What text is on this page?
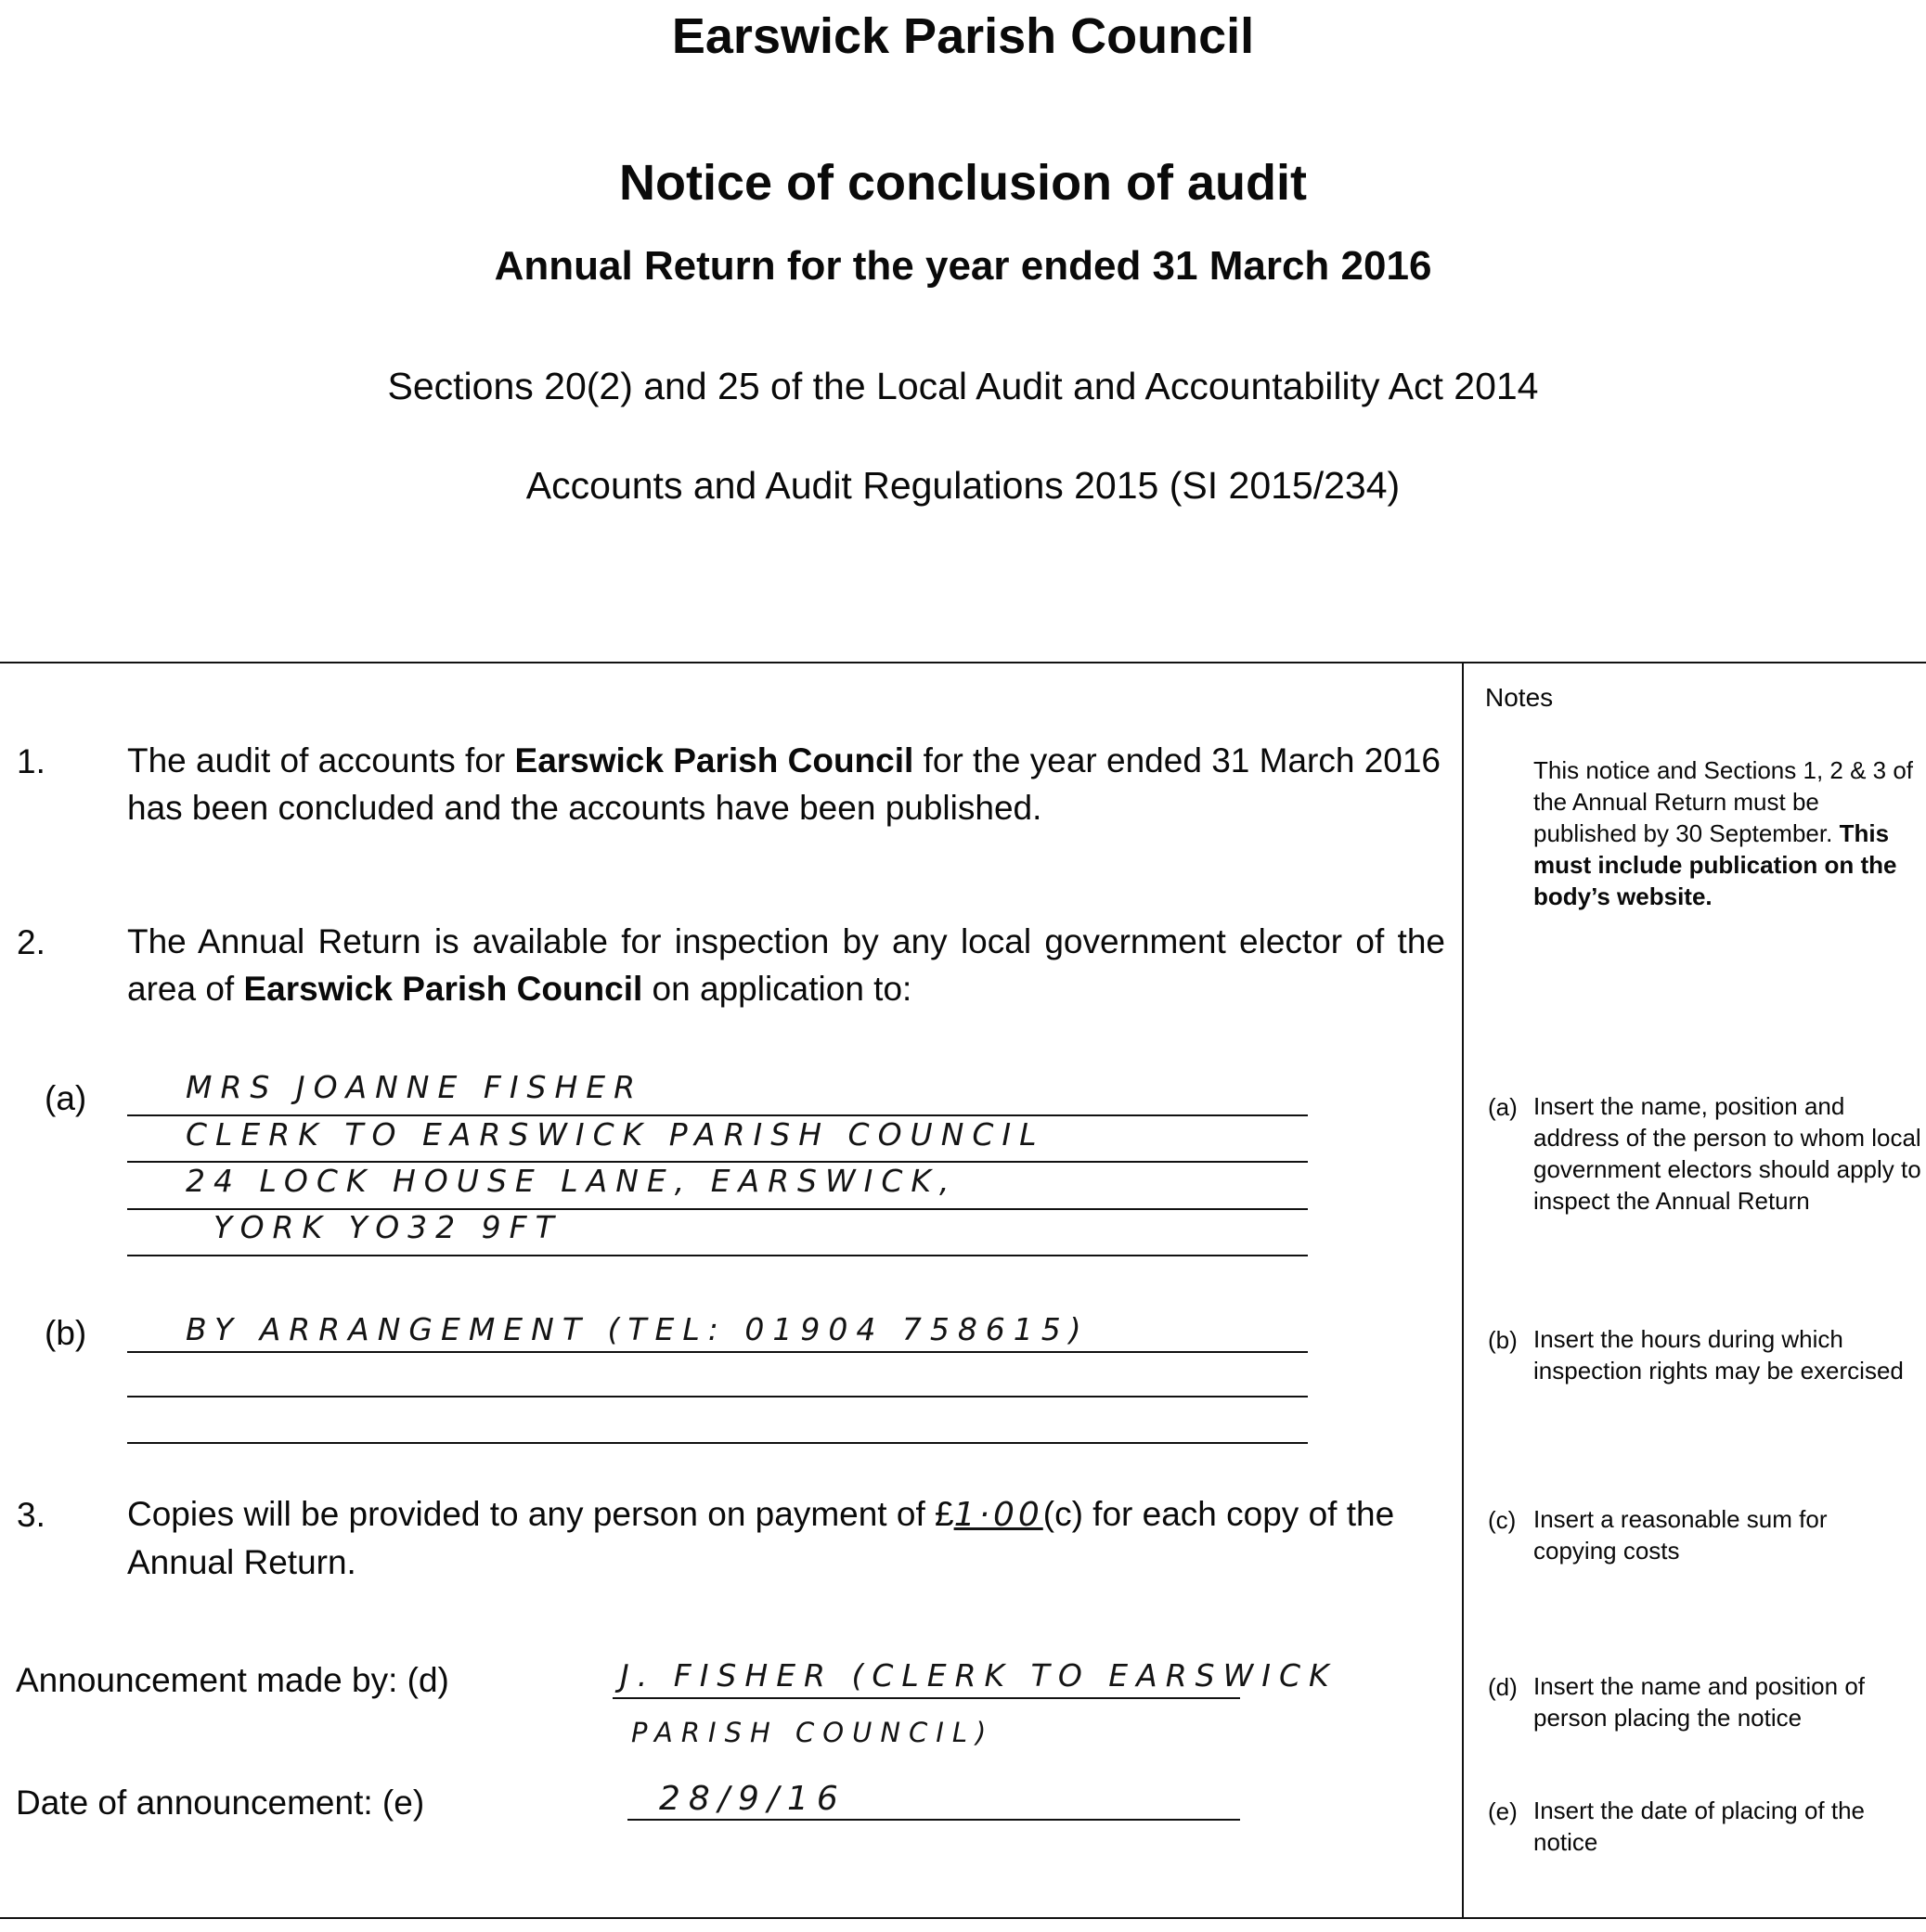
Earswick Parish Council
Notice of conclusion of audit
Annual Return for the year ended 31 March 2016
Sections 20(2) and 25 of the Local Audit and Accountability Act 2014
Accounts and Audit Regulations 2015 (SI 2015/234)
1. The audit of accounts for Earswick Parish Council for the year ended 31 March 2016 has been concluded and the accounts have been published.
2. The Annual Return is available for inspection by any local government elector of the area of Earswick Parish Council on application to:
(a)	MRS JOANNE FISHER
CLERK TO EARSWICK PARISH COUNCIL
24 LOCK HOUSE LANE, EARSWICK,
YORK YO32 9FT
(b)	BY ARRANGEMENT (TEL: 01904 758615)
3. Copies will be provided to any person on payment of £1·00(c) for each copy of the Annual Return.
Announcement made by: (d)	J. FISHER (CLERK TO EARSWICK
PARISH COUNCIL)
Date of announcement: (e)	28/9/16
Notes
This notice and Sections 1, 2 & 3 of the Annual Return must be published by 30 September. This must include publication on the body’s website.
(a) Insert the name, position and address of the person to whom local government electors should apply to inspect the Annual Return
(b) Insert the hours during which inspection rights may be exercised
(c) Insert a reasonable sum for copying costs
(d) Insert the name and position of person placing the notice
(e) Insert the date of placing of the notice
